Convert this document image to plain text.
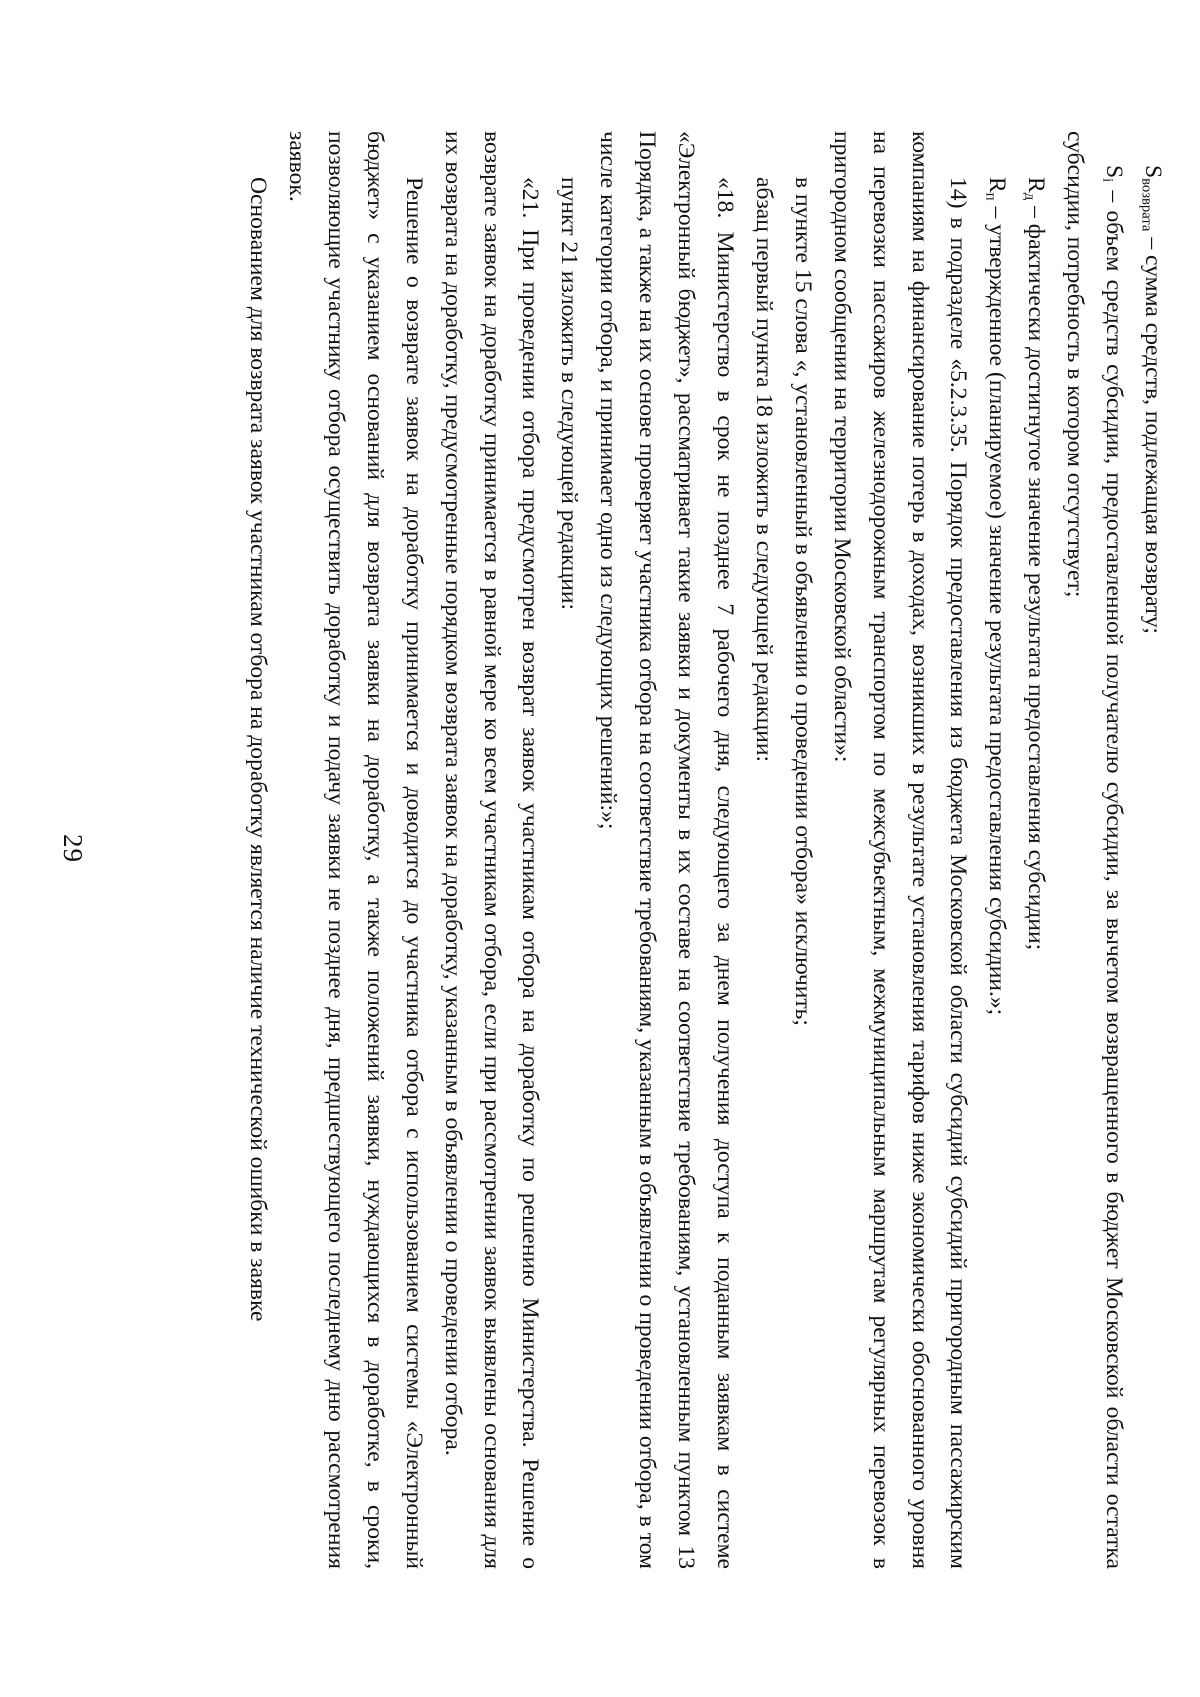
$S_{возврата}$ – сумма средств, подлежащая возврату;

$S_i$ – объем средств субсидии, предоставленной получателю субсидии, за вычетом возвращенного в бюджет Московской области остатка субсидии, потребность в котором отсутствует;

$R_д$ – фактически достигнутое значение результата предоставления субсидии;

$R_п$ – утвержденное (планируемое) значение результата предоставления субсидии.»;

14) в подразделе «5.2.3.35. Порядок предоставления из бюджета Московской области субсидий субсидий пригородным пассажирским компаниям на финансирование потерь в доходах, возникших в результате установления тарифов ниже экономически обоснованного уровня на перевозки пассажиров железнодорожным транспортом по межсубъектным, межмуниципальным маршрутам регулярных перевозок в пригородном сообщении на территории Московской области»:

в пункте 15 слова «, установленный в объявлении о проведении отбора» исключить;

абзац первый пункта 18 изложить в следующей редакции:

«18. Министерство в срок не позднее 7 рабочего дня, следующего за днем получения доступа к поданным заявкам в системе «Электронный бюджет», рассматривает такие заявки и документы в их составе на соответствие требованиям, установленным пунктом 13 Порядка, а также на их основе проверяет участника отбора на соответствие требованиям, указанным в объявлении о проведении отбора, в том числе категории отбора, и принимает одно из следующих решений:»;

пункт 21 изложить в следующей редакции:

«21. При проведении отбора предусмотрен возврат заявок участникам отбора на доработку по решению Министерства. Решение о возврате заявок на доработку принимается в равной мере ко всем участникам отбора, если при рассмотрении заявок выявлены основания для их возврата на доработку, предусмотренные порядком возврата заявок на доработку, указанным в объявлении о проведении отбора.

Решение о возврате заявок на доработку принимается и доводится до участника отбора с использованием системы «Электронный бюджет» с указанием оснований для возврата заявки на доработку, а также положений заявки, нуждающихся в доработке, в сроки, позволяющие участнику отбора осуществить доработку и подачу заявки не позднее дня, предшествующего последнему дню рассмотрения заявок.

Основанием для возврата заявок участникам отбора на доработку является наличие технической ошибки в заявке

29
